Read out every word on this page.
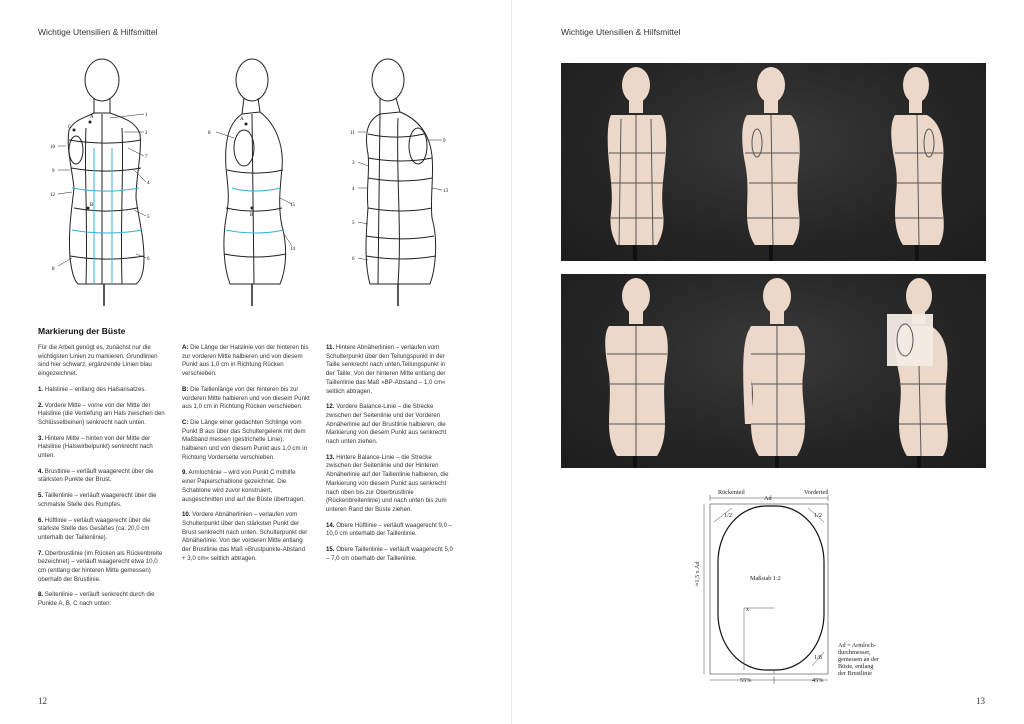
Wichtige Utensilien & Hilfsmittel
1
2
7
4
5
6
8
12
9
10
C
A
B
8
A
B
15
14
11
3
4
5
6
9
13
Markierung der Büste

Für die Arbeit genügt es, zunächst nur die wichtigsten Linien zu markieren. Grundlinien sind hier schwarz, ergänzende Linien blau eingezeichnet.

1. Halslinie – entlang des Halsansatzes.

2. Vordere Mitte – vorne von der Mitte der Halslinie (die Vertiefung am Hals zwischen den Schlüsselbeinen) senkrecht nach unten.

3. Hintere Mitte – hinten von der Mitte der Halslinie (Halswirbelpunkt) senkrecht nach unten.

4. Brustlinie – verläuft waagerecht über die stärksten Punkte der Brust.

5. Taillenlinie – verläuft waagerecht über die schmalste Stelle des Rumpfes.

6. Hüftlinie – verläuft waagerecht über die stärkste Stelle des Gesäßes (ca. 20,0 cm unterhalb der Taillenlinie).

7. Oberbrustlinie (im Rücken als Rückenbreite bezeichnet) – verläuft waagerecht etwa 10,0 cm (entlang der hinteren Mitte gemessen) oberhalb der Brustlinie.

8. Seitenlinie – verläuft senkrecht durch die Punkte A, B, C nach unten:

A: Die Länge der Halslinie von der hinteren bis zur vorderen Mitte halbieren und von diesem Punkt aus 1,0 cm in Richtung Rücken verschieben.

B: Die Taillenlänge von der hinteren bis zur vorderen Mitte halbieren und von diesem Punkt aus 1,0 cm in Richtung Rücken verschieben.

C: Die Länge einer gedachten Schlinge vom Punkt B aus über das Schultergelenk mit dem Maßband messen (gestrichelte Linie), halbieren und von diesem Punkt aus 1,0 cm in Richtung Vorderseite verschieben.

9. Armlochlinie – wird von Punkt C mithilfe einer Papierschablone gezeichnet. Die Schablone wird zuvor konstruiert, ausgeschnitten und auf die Büste übertragen.

10. Vordere Abnäherlinien – verlaufen vom Schulterpunkt über den stärksten Punkt der Brust senkrecht nach unten. Schulterpunkt der Abnäherlinie: Von der vorderen Mitte entlang der Brustlinie das Maß »Brustpunkte-Abstand + 3,0 cm« seitlich abtragen.

11. Hintere Abnäherlinien – verlaufen vom Schulterpunkt über den Teilungspunkt in der Taille senkrecht nach unten.Teilungspunkt in der Taille: Von der hinteren Mitte entlang der Taillenlinie das Maß »BP-Abstand – 1,0 cm« seitlich abtragen.

12. Vordere Balance-Linie – die Strecke zwischen der Seitenlinie und der Vorderen Abnäherlinie auf der Brustlinie halbieren, die Markierung von diesem Punkt aus senkrecht nach unten ziehen.

13. Hintere Balance-Linie – die Strecke zwischen der Seitenlinie und der Hinteren Abnäherlinie auf der Taillenlinie halbieren, die Markierung von diesem Punkt aus senkrecht nach oben bis zur Oberbrustlinie (Rückenbreitenlinie) und nach unten bis zum unteren Rand der Büste ziehen.

14. Obere Hüftlinie – verläuft waagerecht 9,0 – 10,0 cm unterhalb der Taillenlinie.

15. Obere Taillenlinie – verläuft waagerecht 5,0 – 7,0 cm oberhalb der Taillenlinie.

12
Wichtige Utensilien & Hilfsmittel
13
Rückenteil	Vorderteil
Ad
1/2	1/2
≈1,5 x Ad	Maßstab 1:2
x
1/8
55%	45%
Ad = Armlochdurchmesser, gemessen an der Büste, entlang der Brustlinie
